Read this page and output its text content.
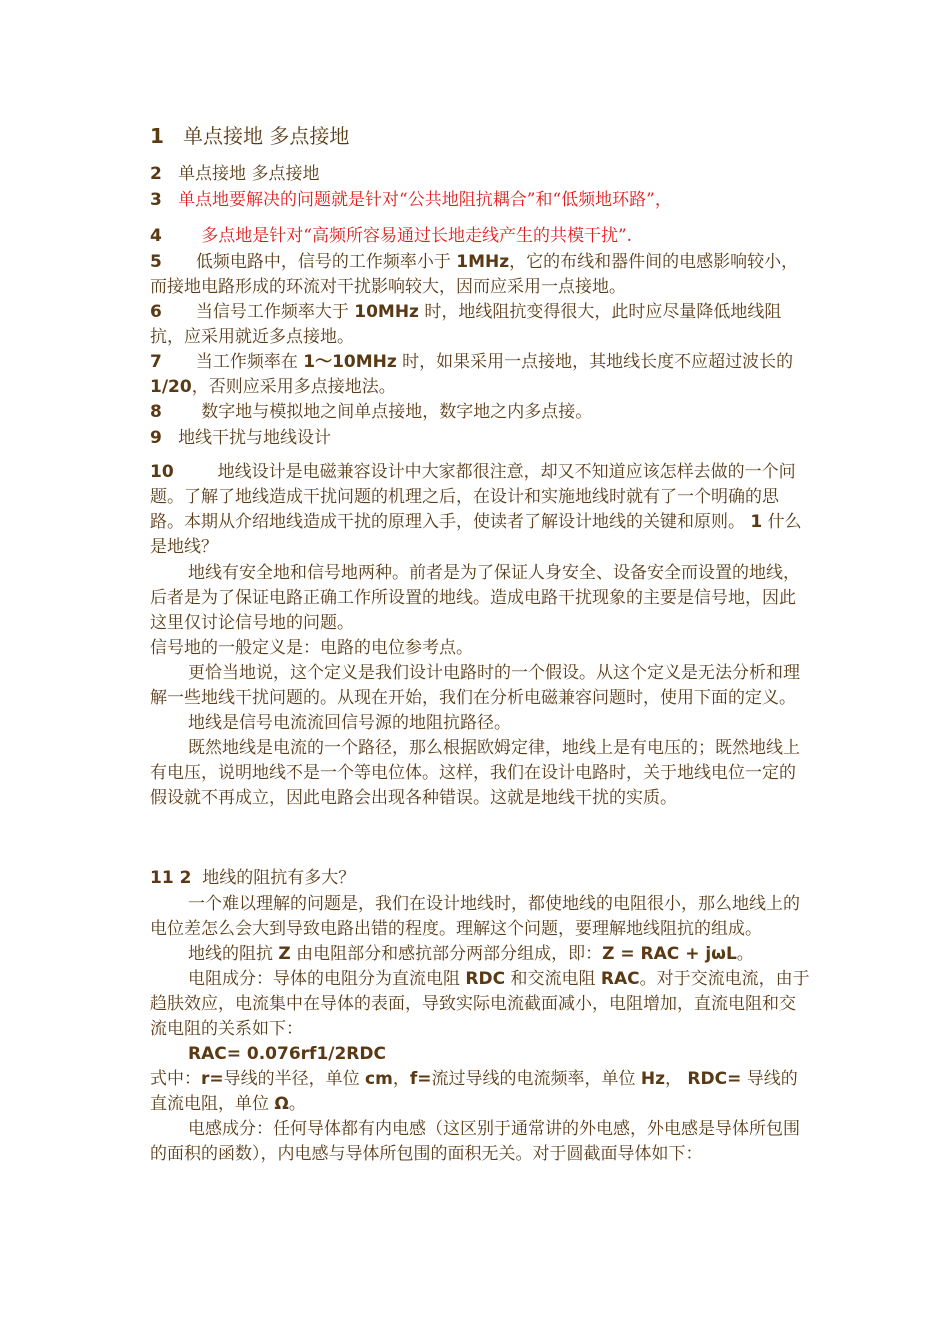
1 单点接地 多点接地
2 单点接地 多点接地
3 单点地要解决的问题就是针对“公共地阻抗耦合”和“低频地环路”，
4 多点地是针对“高频所容易通过长地走线产生的共模干扰”.
5 低频电路中，信号的工作频率小于 1MHz，它的布线和器件间的电感影响较小，而接地电路形成的环流对干扰影响较大，因而应采用一点接地。
6 当信号工作频率大于 10MHz 时，地线阻抗变得很大，此时应尽量降低地线阻抗，应采用就近多点接地。
7 当工作频率在 1～10MHz 时，如果采用一点接地，其地线长度不应超过波长的 1/20，否则应采用多点接地法。
8 数字地与模拟地之间单点接地，数字地之内多点接。
9 地线干扰与地线设计
10	地线设计是电磁兼容设计中大家都很注意，却又不知道应该怎样去做的一个问题。了解了地线造成干扰问题的机理之后，在设计和实施地线时就有了一个明确的思路。本期从介绍地线造成干扰的原理入手，使读者了解设计地线的关键和原则。 1 什么是地线？
地线有安全地和信号地两种。前者是为了保证人身安全、设备安全而设置的地线，后者是为了保证电路正确工作所设置的地线。造成电路干扰现象的主要是信号地，因此这里仅讨论信号地的问题。
信号地的一般定义是：电路的电位参考点。
更恰当地说，这个定义是我们设计电路时的一个假设。从这个定义是无法分析和理解一些地线干扰问题的。从现在开始，我们在分析电磁兼容问题时，使用下面的定义。
地线是信号电流流回信号源的地阻抗路径。
既然地线是电流的一个路径，那么根据欧姆定律，地线上是有电压的；既然地线上有电压，说明地线不是一个等电位体。这样，我们在设计电路时，关于地线电位一定的假设就不再成立，因此电路会出现各种错误。这就是地线干扰的实质。
11 2 地线的阻抗有多大？
一个难以理解的问题是，我们在设计地线时，都使地线的电阻很小，那么地线上的电位差怎么会大到导致电路出错的程度。理解这个问题，要理解地线阻抗的组成。
地线的阻抗 Z 由电阻部分和感抗部分两部分组成，即：Z = RAC + jωL。
电阻成分：导体的电阻分为直流电阻 RDC 和交流电阻 RAC。对于交流电流，由于趋肤效应，电流集中在导体的表面，导致实际电流截面减小，电阻增加，直流电阻和交流电阻的关系如下：
RAC= 0.076rf1/2RDC
式中：r=导线的半径，单位 cm，f=流过导线的电流频率，单位 Hz， RDC= 导线的直流电阻，单位 Ω。
电感成分：任何导体都有内电感（这区别于通常讲的外电感，外电感是导体所包围的面积的函数），内电感与导体所包围的面积无关。对于圆截面导体如下：
